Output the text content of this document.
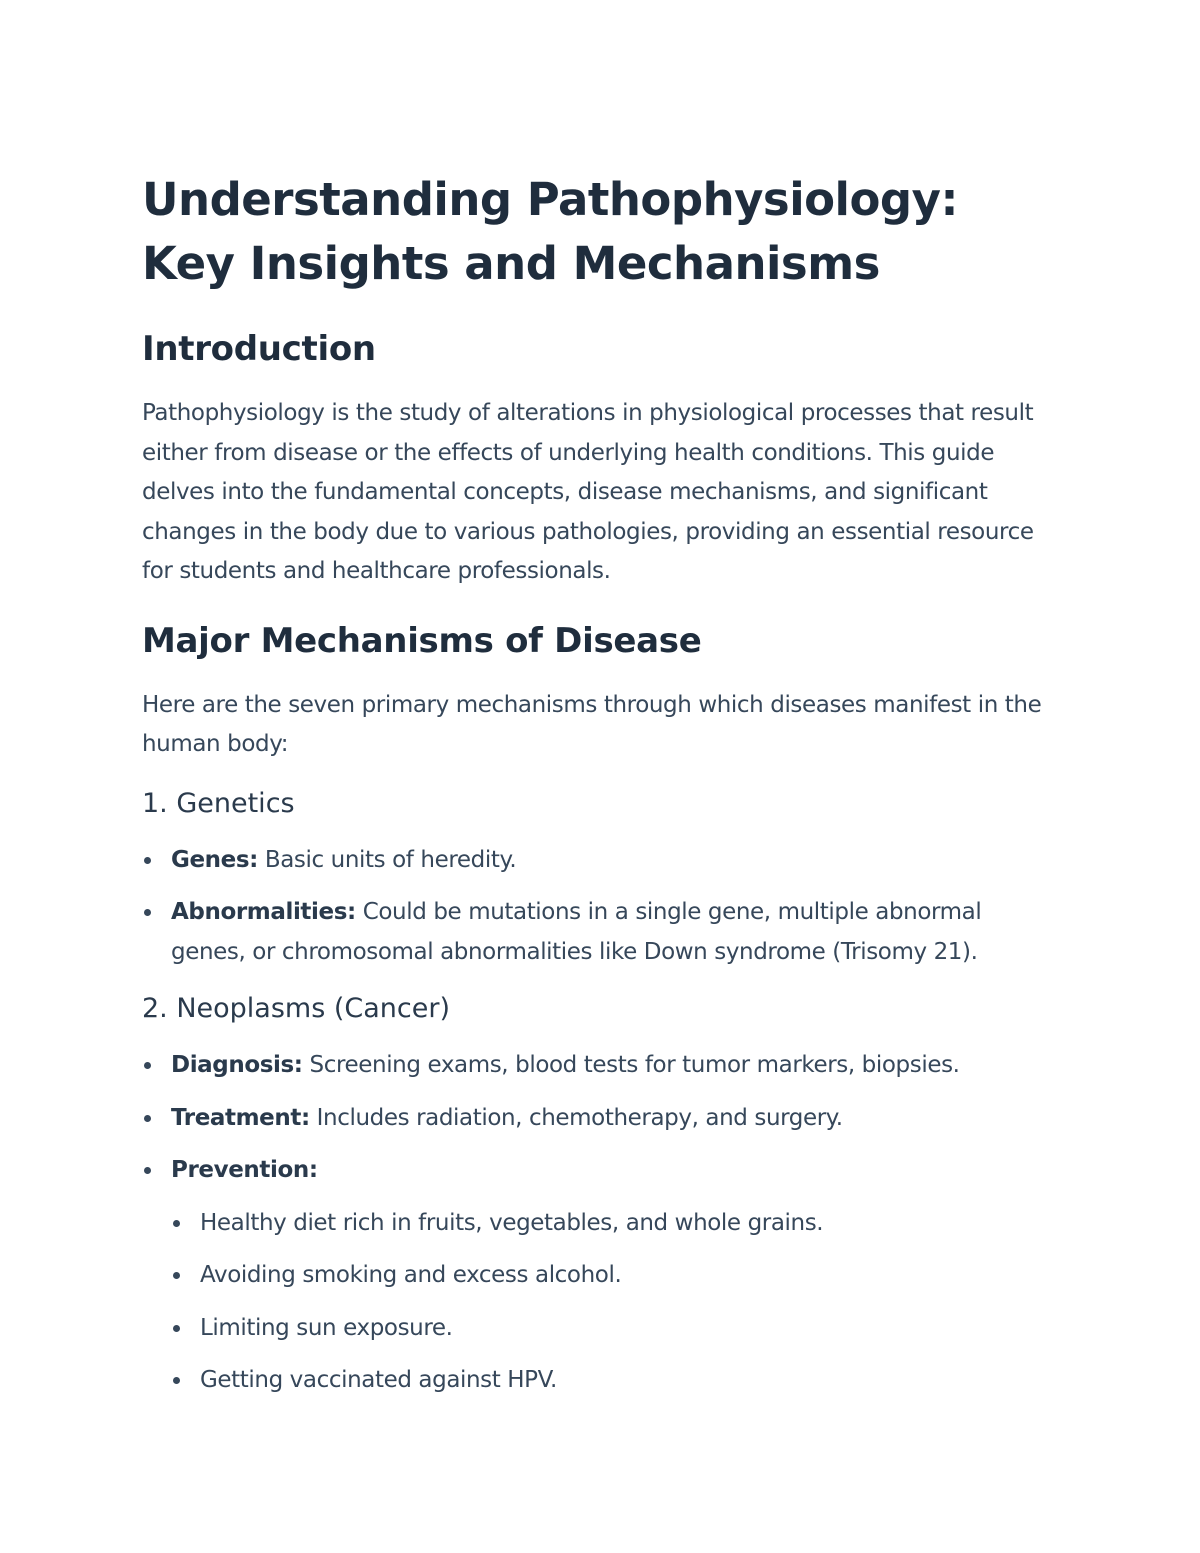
Understanding Pathophysiology: Key Insights and Mechanisms
Introduction

Pathophysiology is the study of alterations in physiological processes that result either from disease or the effects of underlying health conditions. This guide delves into the fundamental concepts, disease mechanisms, and significant changes in the body due to various pathologies, providing an essential resource for students and healthcare professionals.

Major Mechanisms of Disease

Here are the seven primary mechanisms through which diseases manifest in the human body:

1. Genetics
Genes: Basic units of heredity.
Abnormalities: Could be mutations in a single gene, multiple abnormal genes, or chromosomal abnormalities like Down syndrome (Trisomy 21).
2. Neoplasms (Cancer)
Diagnosis: Screening exams, blood tests for tumor markers, biopsies.
Treatment: Includes radiation, chemotherapy, and surgery.
Prevention:
Healthy diet rich in fruits, vegetables, and whole grains.
Avoiding smoking and excess alcohol.
Limiting sun exposure.
Getting vaccinated against HPV.
